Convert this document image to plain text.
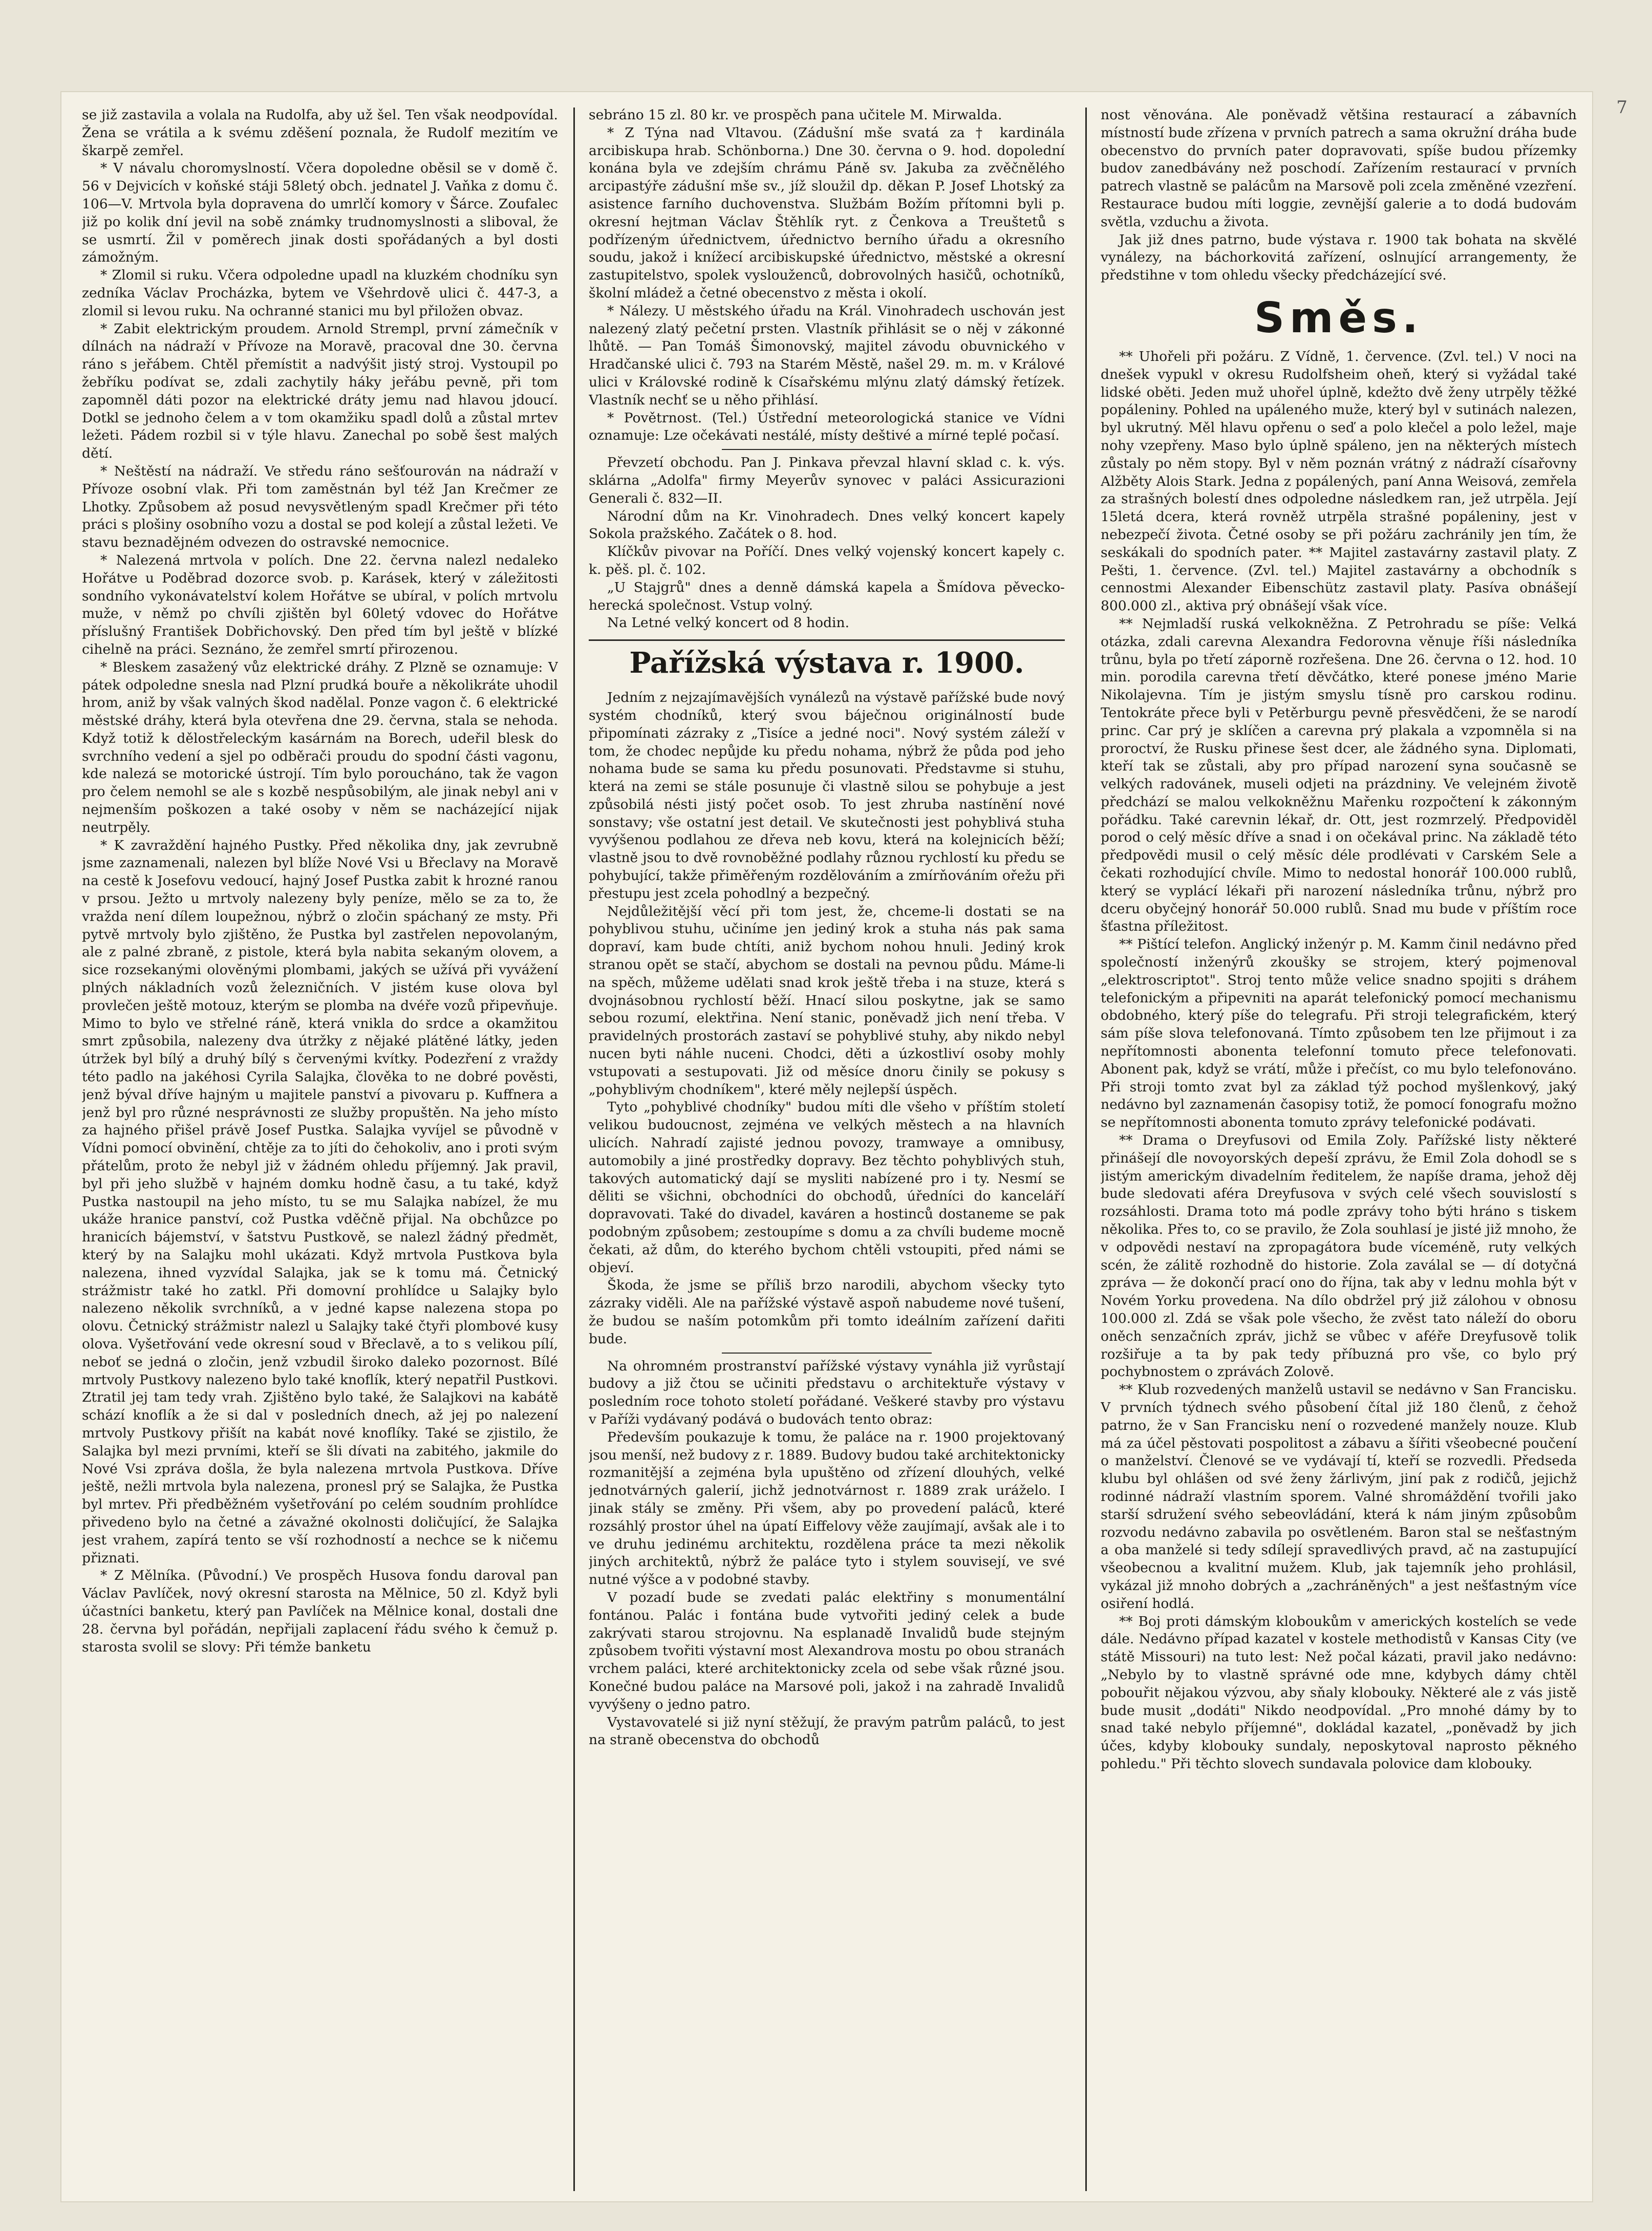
se již zastavila a volala na Rudolfa, aby už šel. Ten však neodpovídal. Žena se vrátila a k svému zděšení poznala, že Rudolf mezitím ve škarpě zemřel.

* V návalu choromyslností. Včera dopoledne oběsil se v domě č. 56 v Dejvicích v koňské stáji 58letý obch. jednatel J. Vaňka z domu č. 106—V. Mrtvola byla dopravena do umrlčí komory v Šárce. Zoufalec již po kolik dní jevil na sobě známky trudnomyslnosti a sliboval, že se usmrtí. Žil v poměrech jinak dosti spořádaných a byl dosti zámožným.

* Zlomil si ruku. Včera odpoledne upadl na kluzkém chodníku syn zedníka Václav Procházka, bytem ve Všehrdově ulici č. 447-3, a zlomil si levou ruku. Na ochranné stanici mu byl přiložen obvaz.

* Zabit elektrickým proudem. Arnold Strempl, první zámečník v dílnách na nádraží v Přívoze na Moravě, pracoval dne 30. června ráno s jeřábem. Chtěl přemístit a nadvýšit jistý stroj. Vystoupil po žebříku podívat se, zdali zachytily háky jeřábu pevně, při tom zapomněl dáti pozor na elektrické dráty jemu nad hlavou jdoucí. Dotkl se jednoho čelem a v tom okamžiku spadl dolů a zůstal mrtev ležeti. Pádem rozbil si v týle hlavu. Zanechal po sobě šest malých dětí.

* Neštěstí na nádraží. Ve středu ráno sešťourován na nádraží v Přívoze osobní vlak. Při tom zaměstnán byl též Jan Krečmer ze Lhotky. Způsobem až posud nevysvětleným spadl Krečmer při této práci s plošiny osobního vozu a dostal se pod kolejí a zůstal ležeti. Ve stavu beznadějném odvezen do ostravské nemocnice.

* Nalezená mrtvola v polích. Dne 22. června nalezl nedaleko Hořátve u Poděbrad dozorce svob. p. Karásek, který v záležitosti sondního vykonávatelství kolem Hořátve se ubíral, v polích mrtvolu muže, v němž po chvíli zjištěn byl 60letý vdovec do Hořátve příslušný František Dobřichovský. Den před tím byl ještě v blízké cihelně na práci. Seznáno, že zemřel smrtí přirozenou.

* Bleskem zasažený vůz elektrické dráhy. Z Plzně se oznamuje: V pátek odpoledne snesla nad Plzní prudká bouře a několikráte uhodil hrom, aniž by však valných škod nadělal. Ponze vagon č. 6 elektrické městské dráhy, která byla otevřena dne 29. června, stala se nehoda. Když totiž k dělostřeleckým kasárnám na Borech, udeřil blesk do svrchního vedení a sjel po odběrači proudu do spodní části vagonu, kde nalezá se motorické ústrojí. Tím bylo poroucháno, tak že vagon pro čelem nemohl se ale s kozbě nespůsobilým, ale jinak nebyl ani v nejmenším poškozen a také osoby v něm se nacházející nijak neutrpěly.

* K zavraždění hajného Pustky. Před několika dny, jak zevrubně jsme zaznamenali, nalezen byl blíže Nové Vsi u Břeclavy na Moravě na cestě k Josefovu vedoucí, hajný Josef Pustka zabit k hrozné ranou v prsou. Ježto u mrtvoly nalezeny byly peníze, mělo se za to, že vražda není dílem loupežnou, nýbrž o zločin spáchaný ze msty. Při pytvě mrtvoly bylo zjištěno, že Pustka byl zastřelen nepovolaným, ale z palné zbraně, z pistole, která byla nabita sekaným olovem, a sice rozsekanými olověnými plombami, jakých se užívá při vyvážení plných nákladních vozů železničních. V jistém kuse olova byl provlečen ještě motouz, kterým se plomba na dvéře vozů připevňuje. Mimo to bylo ve střelné ráně, která vnikla do srdce a okamžitou smrt způsobila, nalezeny dva útržky z nějaké plátěné látky, jeden útržek byl bílý a druhý bílý s červenými kvítky. Podezření z vraždy této padlo na jakéhosi Cyrila Salajka, člověka to ne dobré pověsti, jenž býval dříve hajným u majitele panství a pivovaru p. Kuffnera a jenž byl pro různé nesprávnosti ze služby propuštěn. Na jeho místo za hajného přišel právě Josef Pustka. Salajka vyvíjel se původně v Vídni pomocí obvinění, chtěje za to jíti do čehokoliv, ano i proti svým přátelům, proto že nebyl již v žádném ohledu příjemný. Jak pravil, byl při jeho službě v hajném domku hodně času, a tu také, když Pustka nastoupil na jeho místo, tu se mu Salajka nabízel, že mu ukáže hranice panství, což Pustka vděčně přijal. Na obchůzce po hranicích bájemství, v šatstvu Pustkově, se nalezl žádný předmět, který by na Salajku mohl ukázati. Když mrtvola Pustkova byla nalezena, ihned vyzvídal Salajka, jak se k tomu má. Četnický strážmistr také ho zatkl. Při domovní prohlídce u Salajky bylo nalezeno několik svrchníků, a v jedné kapse nalezena stopa po olovu. Četnický strážmistr nalezl u Salajky také čtyři plombové kusy olova. Vyšetřování vede okresní soud v Břeclavě, a to s velikou pílí, neboť se jedná o zločin, jenž vzbudil široko daleko pozornost. Bílé mrtvoly Pustkovy nalezeno bylo také knoflík, který nepatřil Pustkovi. Ztratil jej tam tedy vrah. Zjištěno bylo také, že Salajkovi na kabátě schází knoflík a že si dal v posledních dnech, až jej po nalezení mrtvoly Pustkovy přišít na kabát nové knoflíky. Také se zjistilo, že Salajka byl mezi prvními, kteří se šli dívati na zabitého, jakmile do Nové Vsi zpráva došla, že byla nalezena mrtvola Pustkova. Dříve ještě, nežli mrtvola byla nalezena, pronesl prý se Salajka, že Pustka byl mrtev. Při předběžném vyšetřování po celém soudním prohlídce přivedeno bylo na četné a závažné okolnosti doličující, že Salajka jest vrahem, zapírá tento se vší rozhodností a nechce se k ničemu přiznati.

* Z Mělníka. (Původní.) Ve prospěch Husova fondu daroval pan Václav Pavlíček, nový okresní starosta na Mělnice, 50 zl. Když byli účastníci banketu, který pan Pavlíček na Mělnice konal, dostali dne 28. června byl pořádán, nepřijali zaplacení řádu svého k čemuž p. starosta svolil se slovy: Při témže banketu

sebráno 15 zl. 80 kr. ve prospěch pana učitele M. Mirwalda.

* Z Týna nad Vltavou. (Zádušní mše svatá za † kardinála arcibiskupa hrab. Schönborna.) Dne 30. června o 9. hod. dopolední konána byla ve zdejším chrámu Páně sv. Jakuba za zvěčnělého arcipastýře zádušní mše sv., jíž sloužil dp. děkan P. Josef Lhotský za asistence farního duchovenstva. Službám Božím přítomni byli p. okresní hejtman Václav Štěhlík ryt. z Čenkova a Treuštetů s podřízeným úřednictvem, úřednictvo berního úřadu a okresního soudu, jakož i knížecí arcibiskupské úřednictvo, městské a okresní zastupitelstvo, spolek vyslouženců, dobrovolných hasičů, ochotníků, školní mládež a četné obecenstvo z města i okolí.

* Nálezy. U městského úřadu na Král. Vinohradech uschován jest nalezený zlatý pečetní prsten. Vlastník přihlásit se o něj v zákonné lhůtě. — Pan Tomáš Šimonovský, majitel závodu obuvnického v Hradčanské ulici č. 793 na Starém Městě, našel 29. m. m. v Králové ulici v Královské rodině k Císařskému mlýnu zlatý dámský řetízek. Vlastník nechť se u něho přihlásí.

* Povětrnost. (Tel.) Ústřední meteorologická stanice ve Vídni oznamuje: Lze očekávati nestálé, místy deštivé a mírné teplé počasí.

Převzetí obchodu. Pan J. Pinkava převzal hlavní sklad c. k. výs. sklárna „Adolfa" firmy Meyerův synovec v paláci Assicurazioni Generali č. 832—II.

Národní dům na Kr. Vinohradech. Dnes velký koncert kapely Sokola pražského. Začátek o 8. hod.

Klíčkův pivovar na Poříčí. Dnes velký vojenský koncert kapely c. k. pěš. pl. č. 102.

„U Stajgrů" dnes a denně dámská kapela a Šmídova pěvecko-herecká společnost. Vstup volný.

Na Letné velký koncert od 8 hodin.

Pařížská výstava r. 1900.

Jedním z nejzajímavějších vynálezů na výstavě pařížské bude nový systém chodníků, který svou báječnou originálností bude připomínati zázraky z „Tisíce a jedné noci". Nový systém záleží v tom, že chodec nepůjde ku předu nohama, nýbrž že půda pod jeho nohama bude se sama ku předu posunovati. Představme si stuhu, která na zemi se stále posunuje či vlastně silou se pohybuje a jest způsobilá nésti jistý počet osob. To jest zhruba nastínění nové sonstavy; vše ostatní jest detail. Ve skutečnosti jest pohyblivá stuha vyvýšenou podlahou ze dřeva neb kovu, která na kolejnicích běží; vlastně jsou to dvě rovnoběžné podlahy různou rychlostí ku předu se pohybující, takže přiměřeným rozdělováním a zmírňováním ořežu při přestupu jest zcela pohodlný a bezpečný.

Nejdůležitější věcí při tom jest, že, chceme-li dostati se na pohyblivou stuhu, učiníme jen jediný krok a stuha nás pak sama dopraví, kam bude chtíti, aniž bychom nohou hnuli. Jediný krok stranou opět se stačí, abychom se dostali na pevnou půdu. Máme-li na spěch, můžeme udělati snad krok ještě třeba i na stuze, která s dvojnásobnou rychlostí běží. Hnací silou poskytne, jak se samo sebou rozumí, elektřina. Není stanic, poněvadž jich není třeba. V pravidelných prostorách zastaví se pohyblivé stuhy, aby nikdo nebyl nucen byti náhle nuceni. Chodci, děti a úzkostliví osoby mohly vstupovati a sestupovati. Již od měsíce dnoru činily se pokusy s „pohyblivým chodníkem", které měly nejlepší úspěch.

Tyto „pohyblivé chodníky" budou míti dle všeho v příštím století velikou budoucnost, zejména ve velkých městech a na hlavních ulicích. Nahradí zajisté jednou povozy, tramwaye a omnibusy, automobily a jiné prostředky dopravy. Bez těchto pohyblivých stuh, takových automatický dají se mysliti nabízené pro i ty. Nesmí se děliti se všichni, obchodníci do obchodů, úředníci do kanceláří dopravovati. Také do divadel, kaváren a hostinců dostaneme se pak podobným způsobem; zestoupíme s domu a za chvíli budeme mocně čekati, až dům, do kterého bychom chtěli vstoupiti, před námi se objeví.

Škoda, že jsme se příliš brzo narodili, abychom všecky tyto zázraky viděli. Ale na pařížské výstavě aspoň nabudeme nové tušení, že budou se naším potomkům při tomto ideálním zařízení dařiti bude.

Na ohromném prostranství pařížské výstavy vynáhla již vyrůstají budovy a již čtou se učiniti představu o architektuře výstavy v posledním roce tohoto století pořádané. Veškeré stavby pro výstavu v Paříži vydávaný podává o budovách tento obraz:

Především poukazuje k tomu, že paláce na r. 1900 projektovaný jsou menší, než budovy z r. 1889. Budovy budou také architektonicky rozmanitější a zejména byla upuštěno od zřízení dlouhých, velké jednotvárných galerií, jichž jednotvárnost r. 1889 zrak uráželo. I jinak stály se změny. Při všem, aby po provedení paláců, které rozsáhlý prostor úhel na úpatí Eiffelovy věže zaujímají, avšak ale i to ve druhu jedinému architektu, rozdělena práce ta mezi několik jiných architektů, nýbrž že paláce tyto i stylem souvisejí, ve své nutné výšce a v podobné stavby.

V pozadí bude se zvedati palác elektřiny s monumentální fontánou. Palác i fontána bude vytvořiti jediný celek a bude zakrývati starou strojovnu. Na esplanadě Invalidů bude stejným způsobem tvořiti výstavní most Alexandrova mostu po obou stranách vrchem paláci, které architektonicky zcela od sebe však různé jsou. Konečné budou paláce na Marsové poli, jakož i na zahradě Invalidů vyvýšeny o jedno patro.

Vystavovatelé si již nyní stěžují, že pravým patrům paláců, to jest na straně obecenstva do obchodů

nost věnována. Ale poněvadž většina restaurací a zábavních místností bude zřízena v prvních patrech a sama okružní dráha bude obecenstvo do prvních pater dopravovati, spíše budou přízemky budov zanedbávány než poschodí. Zařízením restaurací v prvních patrech vlastně se palácům na Marsově poli zcela změněné vzezření. Restaurace budou míti loggie, zevnější galerie a to dodá budovám světla, vzduchu a života.

Jak již dnes patrno, bude výstava r. 1900 tak bohata na skvělé vynálezy, na báchorkovitá zařízení, oslnující arrangementy, že předstihne v tom ohledu všecky předcházející své.

Směs.

** Uhořeli při požáru. Z Vídně, 1. července. (Zvl. tel.) V noci na dnešek vypukl v okresu Rudolfsheim oheň, který si vyžádal také lidské oběti. Jeden muž uhořel úplně, kdežto dvě ženy utrpěly těžké popáleniny. Pohled na upáleného muže, který byl v sutinách nalezen, byl ukrutný. Měl hlavu opřenu o seď a polo klečel a polo ležel, maje nohy vzepřeny. Maso bylo úplně spáleno, jen na některých místech zůstaly po něm stopy. Byl v něm poznán vrátný z nádraží císařovny Alžběty Alois Stark. Jedna z popálených, paní Anna Weisová, zemřela za strašných bolestí dnes odpoledne následkem ran, jež utrpěla. Její 15letá dcera, která rovněž utrpěla strašné popáleniny, jest v nebezpečí života. Četné osoby se při požáru zachránily jen tím, že seskákali do spodních pater. ** Majitel zastavárny zastavil platy. Z Pešti, 1. července. (Zvl. tel.) Majitel zastavárny a obchodník s cennostmi Alexander Eibenschütz zastavil platy. Pasíva obnášejí 800.000 zl., aktiva prý obnášejí však více.

** Nejmladší ruská velkokněžna. Z Petrohradu se píše: Velká otázka, zdali carevna Alexandra Fedorovna věnuje říši následníka trůnu, byla po třetí záporně rozřešena. Dne 26. června o 12. hod. 10 min. porodila carevna třetí děvčátko, které ponese jméno Marie Nikolajevna. Tím je jistým smyslu tísně pro carskou rodinu. Tentokráte přece byli v Petěrburgu pevně přesvědčeni, že se narodí princ. Car prý je sklíčen a carevna prý plakala a vzpomněla si na proroctví, že Rusku přinese šest dcer, ale žádného syna. Diplomati, kteří tak se zůstali, aby pro případ narození syna současně se velkých radovánek, museli odjeti na prázdniny. Ve velejném životě předchází se malou velkokněžnu Mařenku rozpočtení k zákonným pořádku. Také carevnin lékař, dr. Ott, jest rozmrzelý. Předpoviděl porod o celý měsíc dříve a snad i on očekával princ. Na základě této předpovědi musil o celý měsíc déle prodlévati v Carském Sele a čekati rozhodující chvíle. Mimo to nedostal honorář 100.000 rublů, který se vyplácí lékaři při narození následníka trůnu, nýbrž pro dceru obyčejný honorář 50.000 rublů. Snad mu bude v příštím roce šťastna příležitost.

** Pištící telefon. Anglický inženýr p. M. Kamm činil nedávno před společností inženýrů zkoušky se strojem, který pojmenoval „elektroscriptot". Stroj tento může velice snadno spojiti s dráhem telefonickým a připevniti na aparát telefonický pomocí mechanismu obdobného, který píše do telegrafu. Při stroji telegrafickém, který sám píše slova telefonovaná. Tímto způsobem ten lze přijmout i za nepřítomnosti abonenta telefonní tomuto přece telefonovati. Abonent pak, když se vrátí, může i přečíst, co mu bylo telefonováno. Při stroji tomto zvat byl za základ týž pochod myšlenkový, jaký nedávno byl zaznamenán časopisy totiž, že pomocí fonografu možno se nepřítomnosti abonenta tomuto zprávy telefonické podávati.

** Drama o Dreyfusovi od Emila Zoly. Pařížské listy některé přinášejí dle novoyorských depeší zprávu, že Emil Zola dohodl se s jistým americkým divadelním ředitelem, že napíše drama, jehož děj bude sledovati aféra Dreyfusova v svých celé všech souvislostí s rozsáhlosti. Drama toto má podle zprávy toho býti hráno s tiskem několika. Přes to, co se pravilo, že Zola souhlasí je jisté již mnoho, že v odpovědi nestaví na zpropagátora bude víceméně, ruty velkých scén, že zálitě rozhodně do historie. Zola zaválal se — dí dotyčná zpráva — že dokončí prací ono do října, tak aby v lednu mohla být v Novém Yorku provedena. Na dílo obdržel prý již zálohou v obnosu 100.000 zl. Zdá se však pole všecho, že zvěst tato náleží do oboru oněch senzačních zpráv, jichž se vůbec v aféře Dreyfusově tolik rozšiřuje a ta by pak tedy příbuzná pro vše, co bylo prý pochybnostem o zprávách Zolově.

** Klub rozvedených manželů ustavil se nedávno v San Francisku. V prvních týdnech svého působení čítal již 180 členů, z čehož patrno, že v San Francisku není o rozvedené manžely nouze. Klub má za účel pěstovati pospolitost a zábavu a šířiti všeobecné poučení o manželství. Členové se ve vydávají tí, kteří se rozvedli. Předseda klubu byl ohlášen od své ženy žárlivým, jiní pak z rodičů, jejichž rodinné nádraží vlastním sporem. Valné shromáždění tvořili jako starší sdružení svého sebeovládání, která k nám jiným způsobům rozvodu nedávno zabavila po osvětleném. Baron stal se nešťastným a oba manželé si tedy sdílejí spravedlivých pravd, ač na zastupující všeobecnou a kvalitní mužem. Klub, jak tajemník jeho prohlásil, vykázal již mnoho dobrých a „zachráněných" a jest nešťastným více osiření hodlá.

** Boj proti dámským kloboukům v amerických kostelích se vede dále. Nedávno případ kazatel v kostele methodistů v Kansas City (ve státě Missouri) na tuto lest: Než počal kázati, pravil jako nedávno: „Nebylo by to vlastně správné ode mne, kdybych dámy chtěl pobouřit nějakou výzvou, aby sňaly klobouky. Některé ale z vás jistě bude musit „dodáti" Nikdo neodpovídal. „Pro mnohé dámy by to snad také nebylo příjemné", dokládal kazatel, „poněvadž by jich účes, kdyby klobouky sundaly, neposkytoval naprosto pěkného pohledu." Při těchto slovech sundavala polovice dam klobouky.

7
